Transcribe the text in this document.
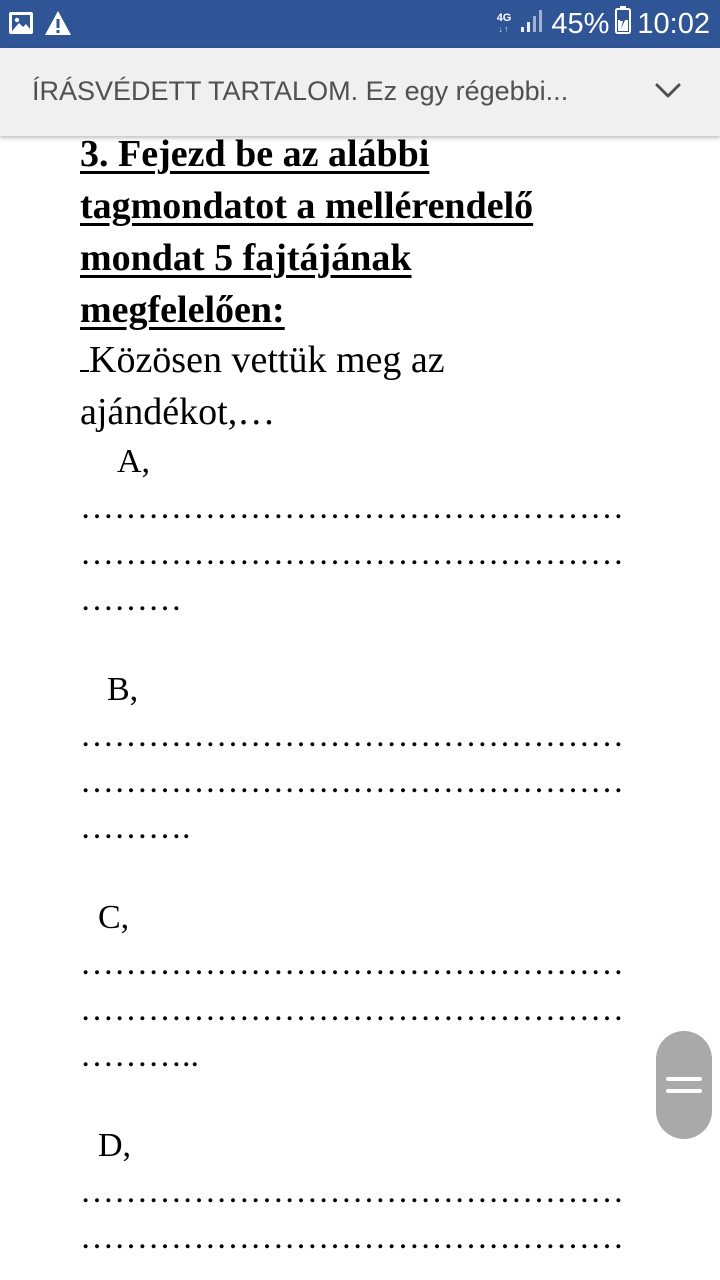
4G
↓↑ 45% 10:02
ÍRÁSVÉDETT TARTALOM. Ez egy régebbi...
3. Fejezd be az alábbi
tagmondatot a mellérendelő
mondat 5 fajtájának
megfelelően:
Közösen vettük meg az
ajándékot,…
A,
…………………………………………
…………………………………………
………
B,
…………………………………………
…………………………………………
……….
C,
…………………………………………
…………………………………………
………..
D,
…………………………………………
…………………………………………
